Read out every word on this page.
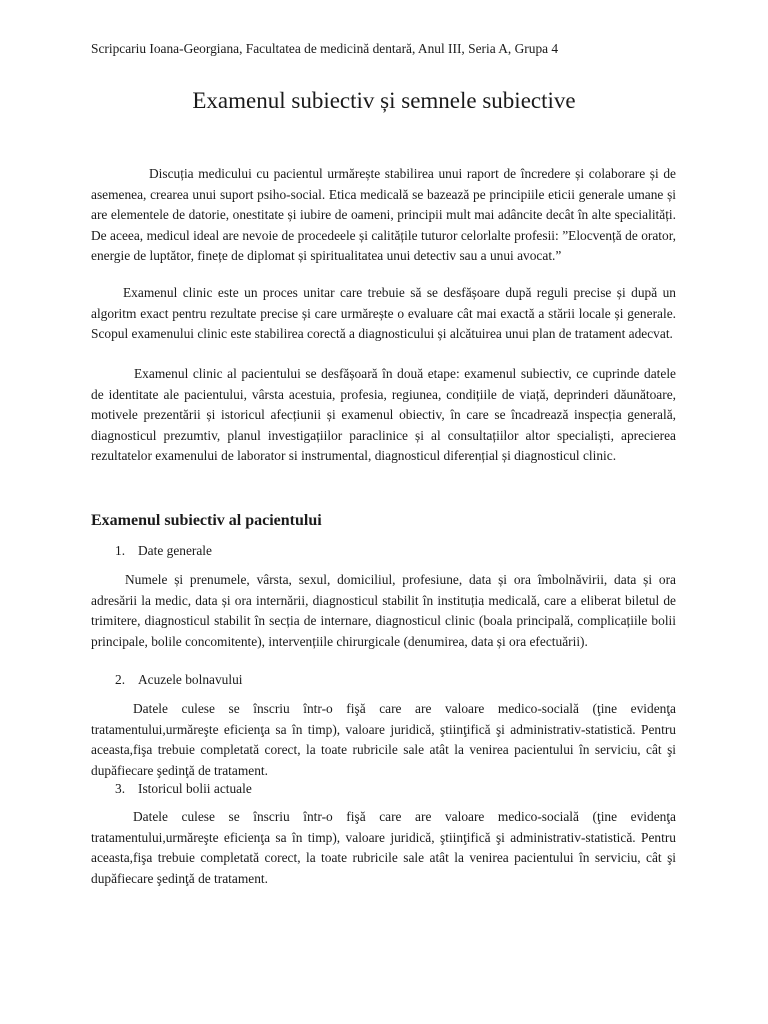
Scripcariu Ioana-Georgiana, Facultatea de medicină dentară, Anul III, Seria A, Grupa 4
Examenul subiectiv și semnele subiective

Discuția medicului cu pacientul urmărește stabilirea unui raport de încredere și colaborare și de asemenea, crearea unui suport psiho-social. Etica medicală se bazează pe principiile eticii generale umane și are elementele de datorie, onestitate și iubire de oameni, principii mult mai adâncite decât în alte specialități. De aceea, medicul ideal are nevoie de procedeele și calitățile tuturor celorlalte profesii: ”Elocvență de orator, energie de luptător, finețe de diplomat și spiritualitatea unui detectiv sau a unui avocat.”

Examenul clinic este un proces unitar care trebuie să se desfășoare după reguli precise și după un algoritm exact pentru rezultate precise și care urmărește o evaluare cât mai exactă a stării locale și generale. Scopul examenului clinic este stabilirea corectă a diagnosticului și alcătuirea unui plan de tratament adecvat.

Examenul clinic al pacientului se desfășoară în două etape: examenul subiectiv, ce cuprinde datele de identitate ale pacientului, vârsta acestuia, profesia, regiunea, condițiile de viață, deprinderi dăunătoare, motivele prezentării și istoricul afecțiunii și examenul obiectiv, în care se încadrează inspecția generală, diagnosticul prezumtiv, planul investigațiilor paraclinice și al consultațiilor altor specialiști, aprecierea rezultatelor examenului de laborator si instrumental, diagnosticul diferențial și diagnosticul clinic.

Examenul subiectiv al pacientului
1. Date generale

Numele și prenumele, vârsta, sexul, domiciliul, profesiune, data și ora îmbolnăvirii, data și ora adresării la medic, data și ora internării, diagnosticul stabilit în instituția medicală, care a eliberat biletul de trimitere, diagnosticul stabilit în secția de internare, diagnosticul clinic (boala principală, complicațiile bolii principale, bolile concomitente), intervențiile chirurgicale (denumirea, data și ora efectuării).

2. Acuzele bolnavului

Datele culese se înscriu într-o fişă care are valoare medico-socială (ţine evidenţa tratamentului,urmăreşte eficienţa sa în timp), valoare juridică, ştiinţifică şi administrativ-statistică. Pentru aceasta,fişa trebuie completată corect, la toate rubricile sale atât la venirea pacientului în serviciu, cât şi dupăfiecare şedinţă de tratament.

3. Istoricul bolii actuale

Datele culese se înscriu într-o fişă care are valoare medico-socială (ţine evidenţa tratamentului,urmăreşte eficienţa sa în timp), valoare juridică, ştiinţifică şi administrativ-statistică. Pentru aceasta,fişa trebuie completată corect, la toate rubricile sale atât la venirea pacientului în serviciu, cât şi dupăfiecare şedinţă de tratament.
